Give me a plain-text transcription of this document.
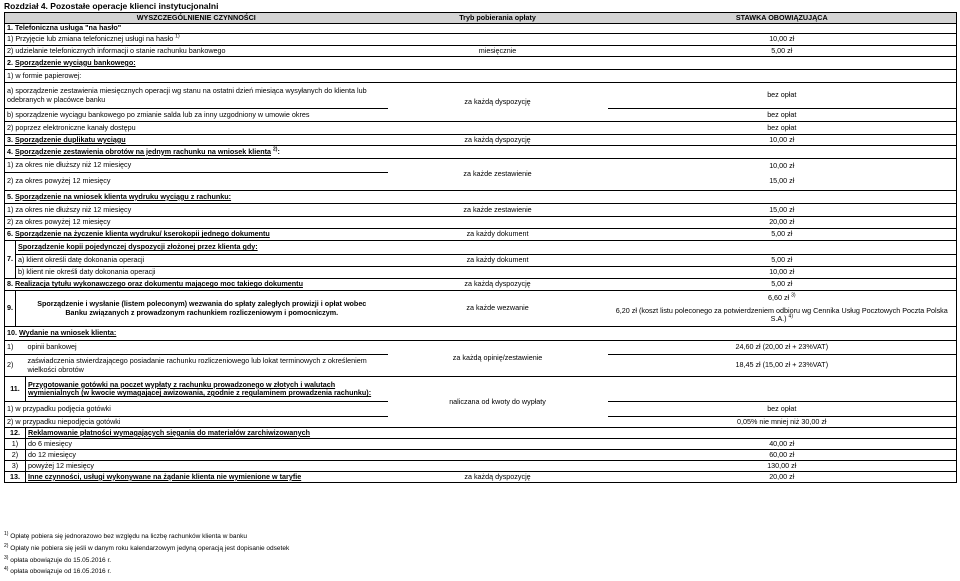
Rozdział 4. Pozostałe operacje klienci instytucjonalni
WYSZCZEGÓLNIENIE CZYNNOŚCI			Tryb pobierania opłaty	STAWKA OBOWIĄZUJĄCA
1. Telefoniczna usługa "na hasło"				
1) Przyjęcie lub zmiana telefonicznej usługi na hasło $^{1)}$				10,00 zł
2) udzielanie telefonicznych informacji o stanie rachunku bankowego			miesięcznie	5,00 zł
2. Sporządzenie wyciągu bankowego:				
1) w formie papierowej:				
a) sporządzenie zestawienia miesięcznych operacji wg stanu na ostatni dzień miesiąca wysyłanych do klienta lub odebranych w placówce banku			za każdą dyspozycję	bez opłat
b) sporządzenie wyciągu bankowego po zmianie salda lub za inny uzgodniony w umowie okres				bez opłat
2) poprzez elektroniczne kanały dostępu				bez opłat
3. Sporządzenie duplikatu wyciągu			za każdą dyspozycję	10,00 zł
4. Sporządzenie zestawienia obrotów na jednym rachunku na wniosek klienta $^{2)}$:				
1) za okres nie dłuższy niż 12 miesięcy			za każde zestawienie	10,00 zł
2) za okres powyżej 12 miesięcy				15,00 zł
5. Sporządzenie na wniosek klienta wydruku wyciągu z rachunku:				
1) za okres nie dłuższy niż 12 miesięcy			za każde zestawienie	15,00 zł
2) za okres powyżej 12 miesięcy				20,00 zł
6. Sporządzenie na życzenie klienta wydruku/ kserokopii jednego dokumentu			za każdy dokument	5,00 zł
7.	Sporządzenie kopii pojedynczej dyspozycji złożonej przez klienta gdy:			
	a) klient określi datę dokonania operacji		za każdy dokument	5,00 zł
	b) klient nie określi daty dokonania operacji			10,00 zł
8. Realizacja tytułu wykonawczego oraz dokumentu mającego moc takiego dokumentu			za każdą dyspozycję	5,00 zł
9.	Sporządzenie i wysłanie (listem poleconym) wezwania do spłaty zaległych prowizji i opłat wobec Banku związanych z prowadzonym rachunkiem rozliczeniowym i pomocniczym.		za każde wezwanie	6,60 zł $^{3)}$
				6,20 zł (koszt listu poleconego za potwierdzeniem odbioru wg Cennika Usług Pocztowych Poczta Polska S.A.) $^{4)}$
10. Wydanie na wniosek klienta:				
1)		opinii bankowej	za każdą opinię/zestawienie	24,60 zł (20,00 zł + 23%VAT)
2)		zaświadczenia stwierdzającego posiadanie rachunku rozliczeniowego lub lokat terminowych z określeniem wielkości obrotów		18,45 zł (15,00 zł + 23%VAT)
11.		Przygotowanie gotówki na poczet wypłaty z rachunku prowadzonego w złotych i walutach wymienialnych (w kwocie wymagającej awizowania, zgodnie z regulaminem prowadzenia rachunku):	naliczana od kwoty do wypłaty	
1) w przypadku podjęcia gotówki				bez opłat
2) w przypadku niepodjęcia gotówki				0,05% nie mniej niż 30,00 zł
12.		Reklamowanie płatności wymagających sięgania do materiałów zarchiwizowanych		
1)		do 6 miesięcy		40,00 zł
2)		do 12 miesięcy		60,00 zł
3)		powyżej 12 miesięcy		130,00 zł
13.		Inne czynności, usługi wykonywane na żądanie klienta nie wymienione w taryfie	za każdą dyspozycję	20,00 zł
$^{1)}$ Opłatę pobiera się jednorazowo bez względu na liczbę rachunków klienta w banku
$^{2)}$ Opłaty nie pobiera się jeśli w danym roku kalendarzowym jedyną operacją jest dopisanie odsetek
$^{3)}$ opłata obowiązuje do 15.05.2016 r.
$^{4)}$ opłata obowiązuje od 16.05.2016 r.
